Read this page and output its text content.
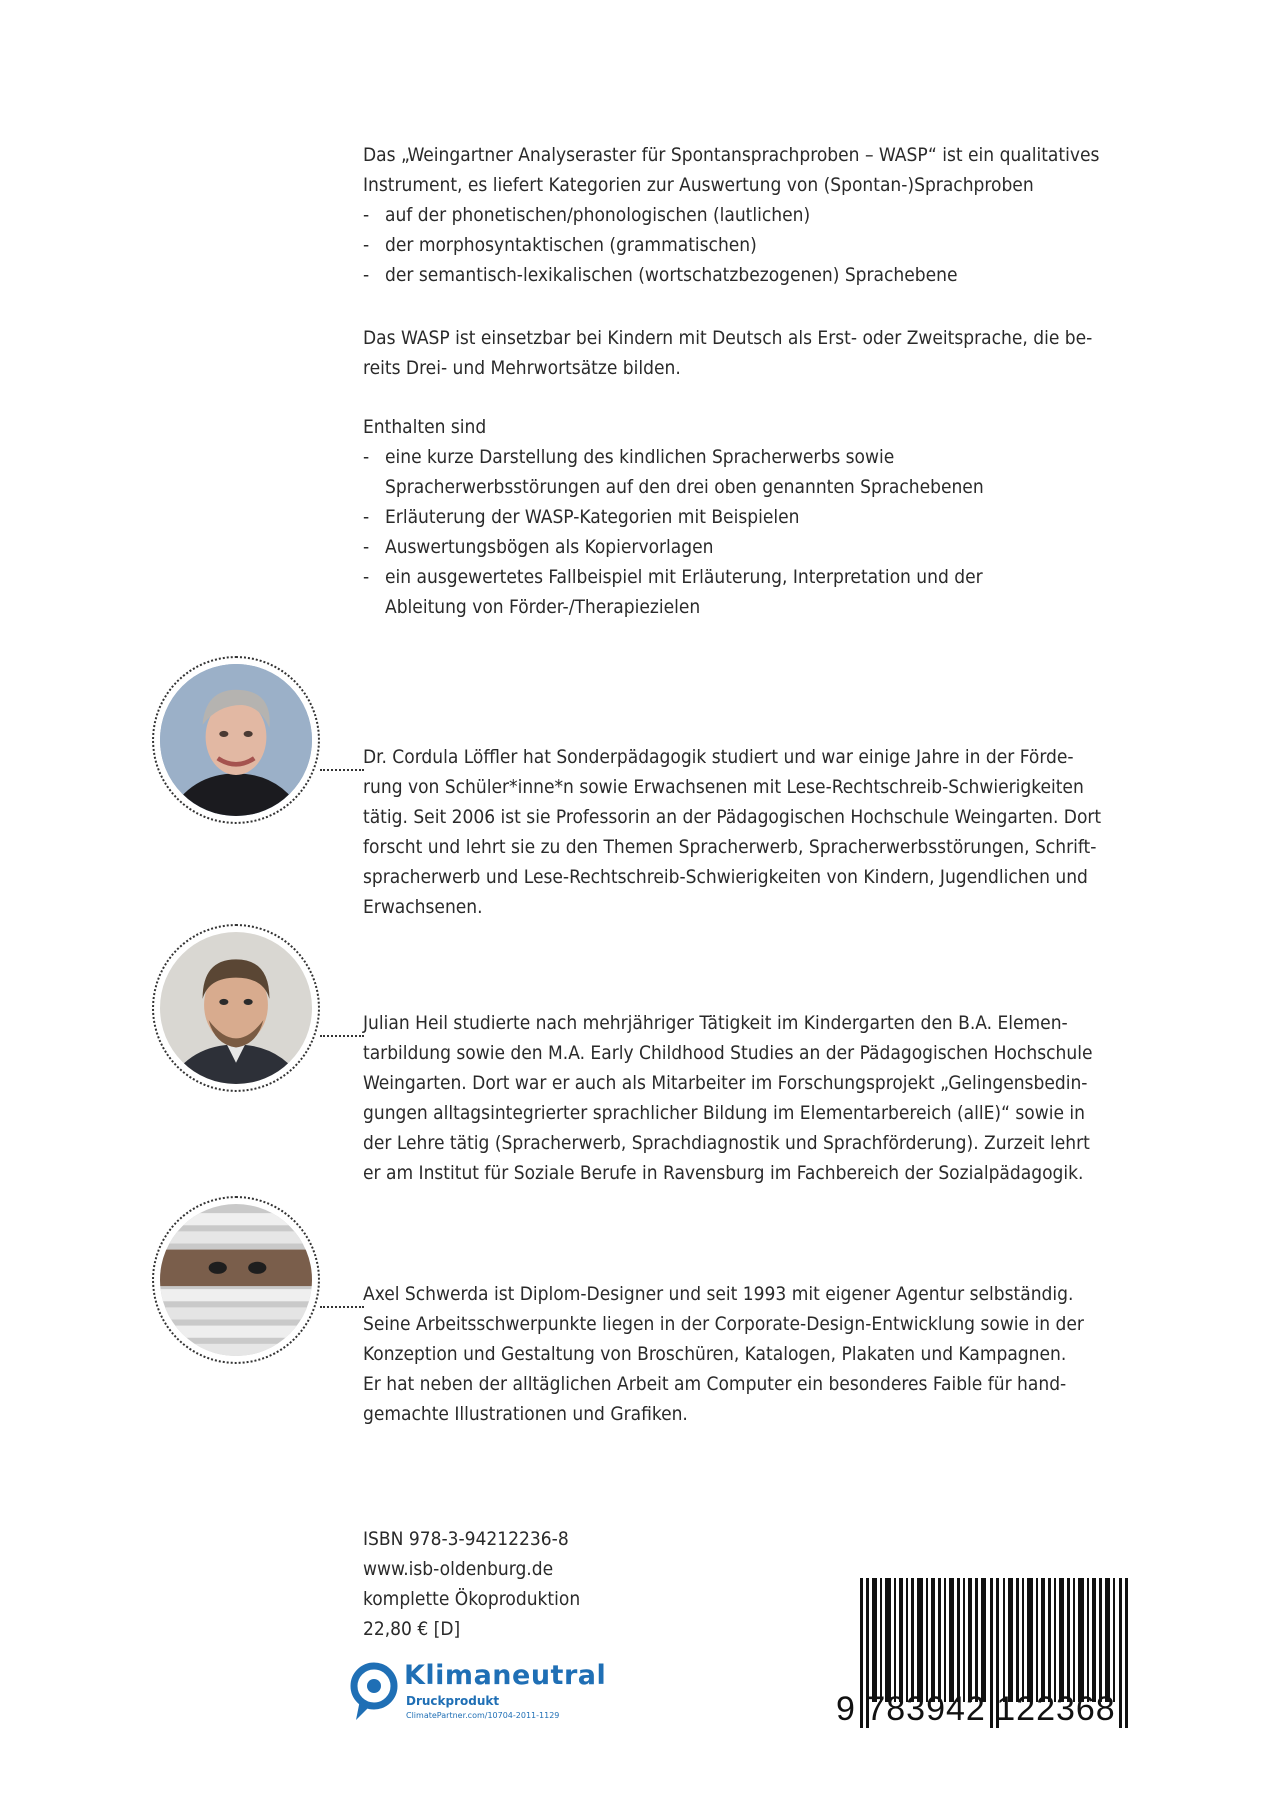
Das „Weingartner Analyseraster für Spontansprachproben – WASP“ ist ein qualitatives
Instrument, es liefert Kategorien zur Auswertung von (Spontan-)Sprachproben
- auf der phonetischen/phonologischen (lautlichen)
- der morphosyntaktischen (grammatischen)
- der semantisch-lexikalischen (wortschatzbezogenen) Sprachebene
Das WASP ist einsetzbar bei Kindern mit Deutsch als Erst- oder Zweitsprache, die be-
reits Drei- und Mehrwortsätze bilden.
Enthalten sind
- eine kurze Darstellung des kindlichen Spracherwerbs sowie
Spracherwerbsstörungen auf den drei oben genannten Sprachebenen
- Erläuterung der WASP-Kategorien mit Beispielen
- Auswertungsbögen als Kopiervorlagen
- ein ausgewertetes Fallbeispiel mit Erläuterung, Interpretation und der
Ableitung von Förder-/Therapiezielen
Dr. Cordula Löffler hat Sonderpädagogik studiert und war einige Jahre in der Förde-
rung von Schüler*inne*n sowie Erwachsenen mit Lese-Rechtschreib-Schwierigkeiten
tätig. Seit 2006 ist sie Professorin an der Pädagogischen Hochschule Weingarten. Dort
forscht und lehrt sie zu den Themen Spracherwerb, Spracherwerbsstörungen, Schrift-
spracherwerb und Lese-Rechtschreib-Schwierigkeiten von Kindern, Jugendlichen und
Erwachsenen.
Julian Heil studierte nach mehrjähriger Tätigkeit im Kindergarten den B.A. Elemen-
tarbildung sowie den M.A. Early Childhood Studies an der Pädagogischen Hochschule
Weingarten. Dort war er auch als Mitarbeiter im Forschungsprojekt „Gelingensbedin-
gungen alltagsintegrierter sprachlicher Bildung im Elementarbereich (allE)“ sowie in
der Lehre tätig (Spracherwerb, Sprachdiagnostik und Sprachförderung). Zurzeit lehrt
er am Institut für Soziale Berufe in Ravensburg im Fachbereich der Sozialpädagogik.
Axel Schwerda ist Diplom-Designer und seit 1993 mit eigener Agentur selbständig.
Seine Arbeitsschwerpunkte liegen in der Corporate-Design-Entwicklung sowie in der
Konzeption und Gestaltung von Broschüren, Katalogen, Plakaten und Kampagnen.
Er hat neben der alltäglichen Arbeit am Computer ein besonderes Faible für hand-
gemachte Illustrationen und Grafiken.
ISBN 978-3-94212236-8
www.isb-oldenburg.de
komplette Ökoproduktion
22,80 € [D]
Klimaneutral
Druckprodukt
ClimatePartner.com/10704-2011-1129	9 783942 122368
